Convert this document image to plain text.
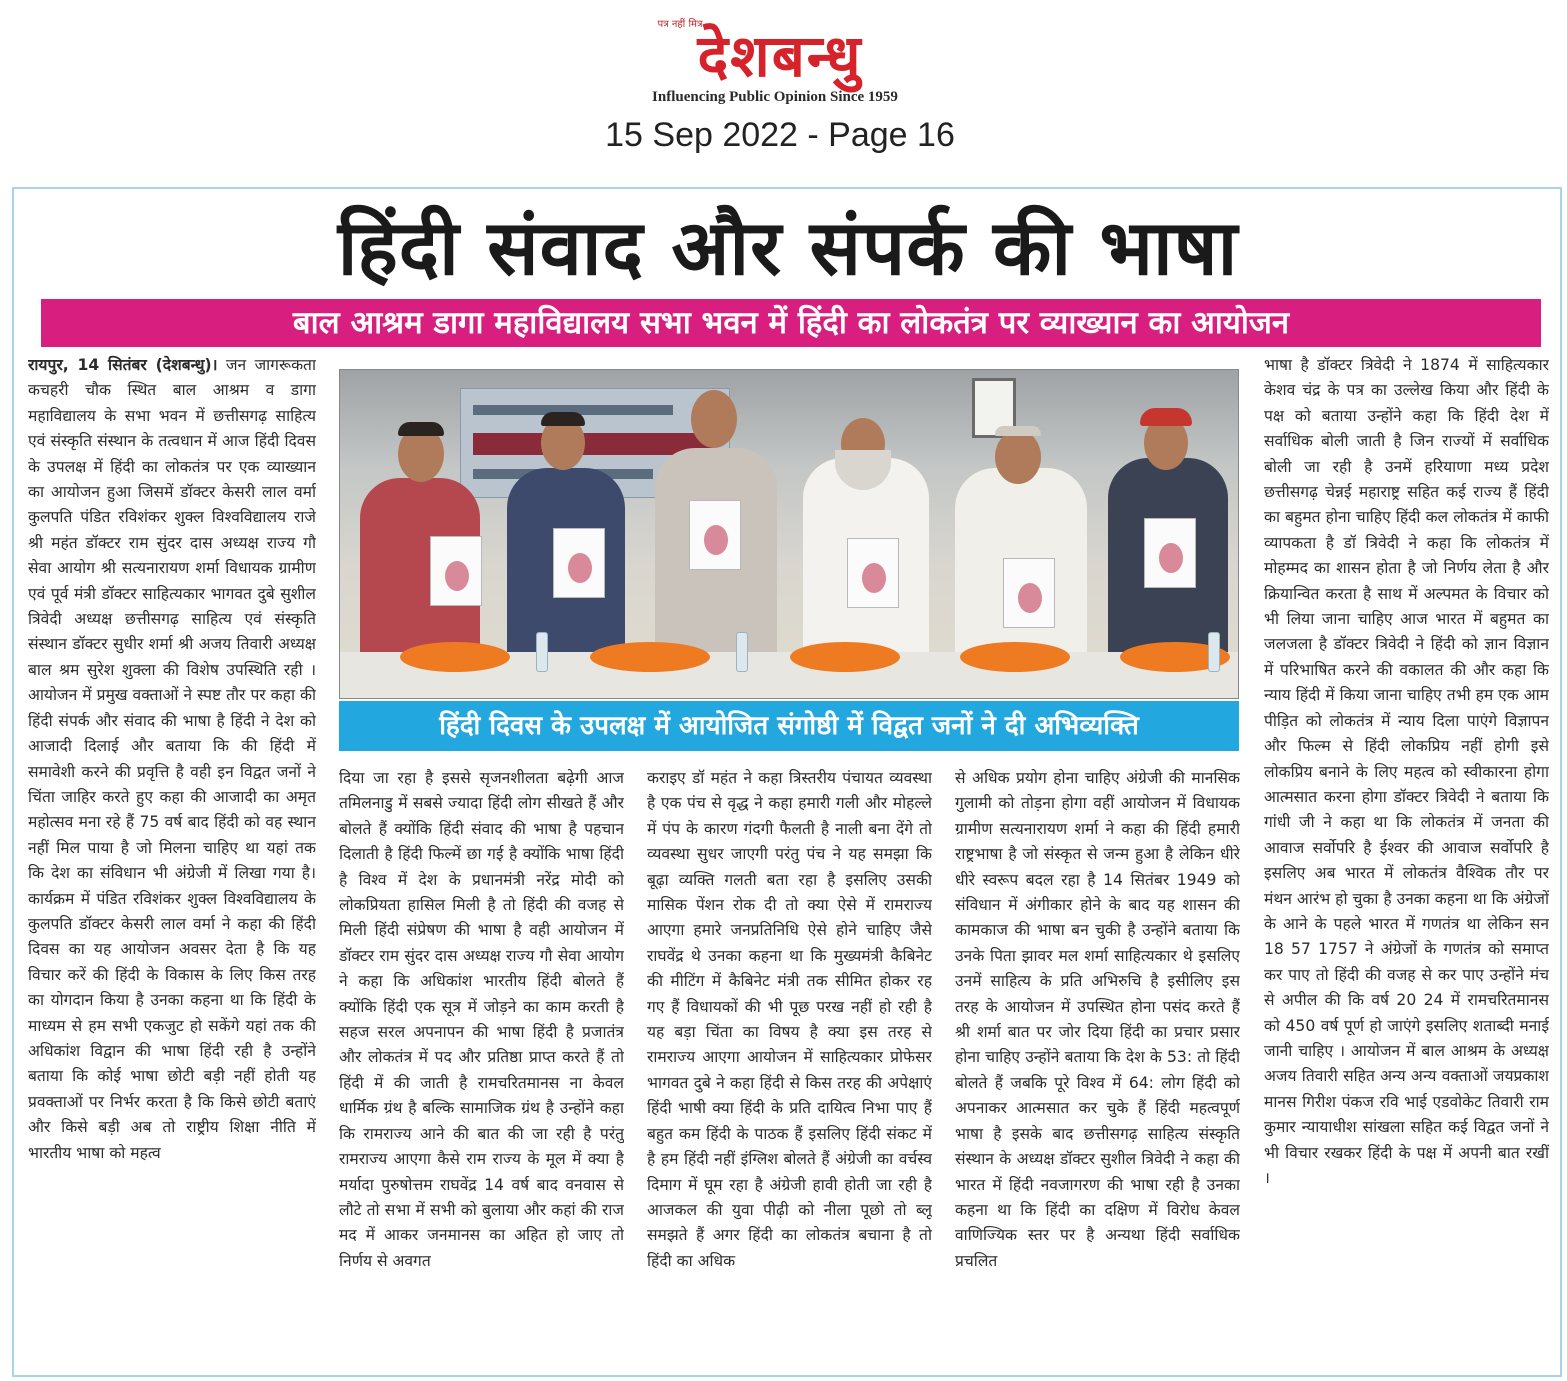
पत्र नहीं मित्र
देशबन्धु
Influencing Public Opinion Since 1959
15 Sep 2022 - Page 16
हिंदी संवाद और संपर्क की भाषा
बाल आश्रम डागा महाविद्यालय सभा भवन में हिंदी का लोकतंत्र पर व्याख्यान का आयोजन
रायपुर, 14 सितंबर (देशबन्धु)। जन जागरूकता कचहरी चौक स्थित बाल आश्रम व डागा महाविद्यालय के सभा भवन में छत्तीसगढ़ साहित्य एवं संस्कृति संस्थान के तत्वधान में आज हिंदी दिवस के उपलक्ष में हिंदी का लोकतंत्र पर एक व्याख्यान का आयोजन हुआ जिसमें डॉक्टर केसरी लाल वर्मा कुलपति पंडित रविशंकर शुक्ल विश्वविद्यालय राजे श्री महंत डॉक्टर राम सुंदर दास अध्यक्ष राज्य गौ सेवा आयोग श्री सत्यनारायण शर्मा विधायक ग्रामीण एवं पूर्व मंत्री डॉक्टर साहित्यकार भागवत दुबे सुशील त्रिवेदी अध्यक्ष छत्तीसगढ़ साहित्य एवं संस्कृति संस्थान डॉक्टर सुधीर शर्मा श्री अजय तिवारी अध्यक्ष बाल श्रम सुरेश शुक्ला की विशेष उपस्थिति रही । आयोजन में प्रमुख वक्ताओं ने स्पष्ट तौर पर कहा की हिंदी संपर्क और संवाद की भाषा है हिंदी ने देश को आजादी दिलाई और बताया कि की हिंदी में समावेशी करने की प्रवृत्ति है वही इन विद्वत जनों ने चिंता जाहिर करते हुए कहा की आजादी का अमृत महोत्सव मना रहे हैं 75 वर्ष बाद हिंदी को वह स्थान नहीं मिल पाया है जो मिलना चाहिए था यहां तक कि देश का संविधान भी अंग्रेजी में लिखा गया है। कार्यक्रम में पंडित रविशंकर शुक्ल विश्वविद्यालय के कुलपति डॉक्टर केसरी लाल वर्मा ने कहा की हिंदी दिवस का यह आयोजन अवसर देता है कि यह विचार करें की हिंदी के विकास के लिए किस तरह का योगदान किया है उनका कहना था कि हिंदी के माध्यम से हम सभी एकजुट हो सकेंगे यहां तक की अधिकांश विद्वान की भाषा हिंदी रही है उन्होंने बताया कि कोई भाषा छोटी बड़ी नहीं होती यह प्रवक्ताओं पर निर्भर करता है कि किसे छोटी बताएं और किसे बड़ी अब तो राष्ट्रीय शिक्षा नीति में भारतीय भाषा को महत्व
हिंदी दिवस के उपलक्ष में आयोजित संगोष्ठी में विद्वत जनों ने दी अभिव्यक्ति
दिया जा रहा है इससे सृजनशीलता बढ़ेगी आज तमिलनाडु में सबसे ज्यादा हिंदी लोग सीखते हैं और बोलते हैं क्योंकि हिंदी संवाद की भाषा है पहचान दिलाती है हिंदी फिल्में छा गई है क्योंकि भाषा हिंदी है विश्व में देश के प्रधानमंत्री नरेंद्र मोदी को लोकप्रियता हासिल मिली है तो हिंदी की वजह से मिली हिंदी संप्रेषण की भाषा है वही आयोजन में डॉक्टर राम सुंदर दास अध्यक्ष राज्य गौ सेवा आयोग ने कहा कि अधिकांश भारतीय हिंदी बोलते हैं क्योंकि हिंदी एक सूत्र में जोड़ने का काम करती है सहज सरल अपनापन की भाषा हिंदी है प्रजातंत्र और लोकतंत्र में पद और प्रतिष्ठा प्राप्त करते हैं तो हिंदी में की जाती है रामचरितमानस ना केवल धार्मिक ग्रंथ है बल्कि सामाजिक ग्रंथ है उन्होंने कहा कि रामराज्य आने की बात की जा रही है परंतु रामराज्य आएगा कैसे राम राज्य के मूल में क्या है मर्यादा पुरुषोत्तम राघवेंद्र 14 वर्ष बाद वनवास से लौटे तो सभा में सभी को बुलाया और कहां की राज मद में आकर जनमानस का अहित हो जाए तो निर्णय से अवगत
कराइए डॉ महंत ने कहा त्रिस्तरीय पंचायत व्यवस्था है एक पंच से वृद्ध ने कहा हमारी गली और मोहल्ले में पंप के कारण गंदगी फैलती है नाली बना देंगे तो व्यवस्था सुधर जाएगी परंतु पंच ने यह समझा कि बूढ़ा व्यक्ति गलती बता रहा है इसलिए उसकी मासिक पेंशन रोक दी तो क्या ऐसे में रामराज्य आएगा हमारे जनप्रतिनिधि ऐसे होने चाहिए जैसे राघवेंद्र थे उनका कहना था कि मुख्यमंत्री कैबिनेट की मीटिंग में कैबिनेट मंत्री तक सीमित होकर रह गए हैं विधायकों की भी पूछ परख नहीं हो रही है यह बड़ा चिंता का विषय है क्या इस तरह से रामराज्य आएगा आयोजन में साहित्यकार प्रोफेसर भागवत दुबे ने कहा हिंदी से किस तरह की अपेक्षाएं हिंदी भाषी क्या हिंदी के प्रति दायित्व निभा पाए हैं बहुत कम हिंदी के पाठक हैं इसलिए हिंदी संकट में है हम हिंदी नहीं इंग्लिश बोलते हैं अंग्रेजी का वर्चस्व दिमाग में घूम रहा है अंग्रेजी हावी होती जा रही है आजकल की युवा पीढ़ी को नीला पूछो तो ब्लू समझते हैं अगर हिंदी का लोकतंत्र बचाना है तो हिंदी का अधिक
से अधिक प्रयोग होना चाहिए अंग्रेजी की मानसिक गुलामी को तोड़ना होगा वहीं आयोजन में विधायक ग्रामीण सत्यनारायण शर्मा ने कहा की हिंदी हमारी राष्ट्रभाषा है जो संस्कृत से जन्म हुआ है लेकिन धीरे धीरे स्वरूप बदल रहा है 14 सितंबर 1949 को संविधान में अंगीकार होने के बाद यह शासन की कामकाज की भाषा बन चुकी है उन्होंने बताया कि उनके पिता झावर मल शर्मा साहित्यकार थे इसलिए उनमें साहित्य के प्रति अभिरुचि है इसीलिए इस तरह के आयोजन में उपस्थित होना पसंद करते हैं श्री शर्मा बात पर जोर दिया हिंदी का प्रचार प्रसार होना चाहिए उन्होंने बताया कि देश के 53: तो हिंदी बोलते हैं जबकि पूरे विश्व में 64: लोग हिंदी को अपनाकर आत्मसात कर चुके हैं हिंदी महत्वपूर्ण भाषा है इसके बाद छत्तीसगढ़ साहित्य संस्कृति संस्थान के अध्यक्ष डॉक्टर सुशील त्रिवेदी ने कहा की भारत में हिंदी नवजागरण की भाषा रही है उनका कहना था कि हिंदी का दक्षिण में विरोध केवल वाणिज्यिक स्तर पर है अन्यथा हिंदी सर्वाधिक प्रचलित
भाषा है डॉक्टर त्रिवेदी ने 1874 में साहित्यकार केशव चंद्र के पत्र का उल्लेख किया और हिंदी के पक्ष को बताया उन्होंने कहा कि हिंदी देश में सर्वाधिक बोली जाती है जिन राज्यों में सर्वाधिक बोली जा रही है उनमें हरियाणा मध्य प्रदेश छत्तीसगढ़ चेन्नई महाराष्ट्र सहित कई राज्य हैं हिंदी का बहुमत होना चाहिए हिंदी कल लोकतंत्र में काफी व्यापकता है डॉ त्रिवेदी ने कहा कि लोकतंत्र में मोहम्मद का शासन होता है जो निर्णय लेता है और क्रियान्वित करता है साथ में अल्पमत के विचार को भी लिया जाना चाहिए आज भारत में बहुमत का जलजला है डॉक्टर त्रिवेदी ने हिंदी को ज्ञान विज्ञान में परिभाषित करने की वकालत की और कहा कि न्याय हिंदी में किया जाना चाहिए तभी हम एक आम पीड़ित को लोकतंत्र में न्याय दिला पाएंगे विज्ञापन और फिल्म से हिंदी लोकप्रिय नहीं होगी इसे लोकप्रिय बनाने के लिए महत्व को स्वीकारना होगा आत्मसात करना होगा डॉक्टर त्रिवेदी ने बताया कि गांधी जी ने कहा था कि लोकतंत्र में जनता की आवाज सर्वोपरि है ईश्वर की आवाज सर्वोपरि है इसलिए अब भारत में लोकतंत्र वैश्विक तौर पर मंथन आरंभ हो चुका है उनका कहना था कि अंग्रेजों के आने के पहले भारत में गणतंत्र था लेकिन सन 18 57 1757 ने अंग्रेजों के गणतंत्र को समाप्त कर पाए तो हिंदी की वजह से कर पाए उन्होंने मंच से अपील की कि वर्ष 20 24 में रामचरितमानस को 450 वर्ष पूर्ण हो जाएंगे इसलिए शताब्दी मनाई जानी चाहिए । आयोजन में बाल आश्रम के अध्यक्ष अजय तिवारी सहित अन्य अन्य वक्ताओं जयप्रकाश मानस गिरीश पंकज रवि भाई एडवोकेट तिवारी राम कुमार न्यायाधीश सांखला सहित कई विद्वत जनों ने भी विचार रखकर हिंदी के पक्ष में अपनी बात रखीं ।
